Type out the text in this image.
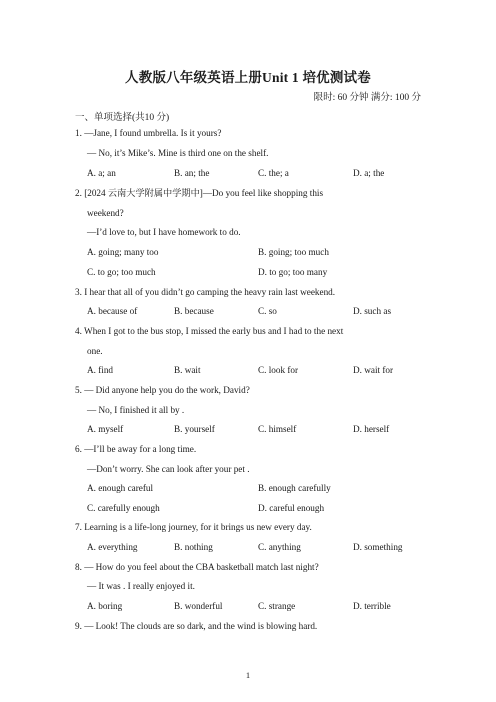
人教版八年级英语上册Unit 1 培优测试卷
限时: 60 分钟 满分: 100 分
一、单项选择(共10 分)
1. —Jane, I found umbrella. Is it yours?
— No, it’s Mike’s. Mine is third one on the shelf.
A. a; an	B. an; the	C. the; a	D. a; the
2. [2024 云南大学附属中学期中]—Do you feel like shopping this
weekend?
—I’d love to, but I have homework to do.
A. going; many too	B. going; too much
C. to go; too much	D. to go; too many
3. I hear that all of you didn’t go camping the heavy rain last weekend.
A. because of	B. because	C. so	D. such as
4. When I got to the bus stop, I missed the early bus and I had to the next
one.
A. find	B. wait	C. look for	D. wait for
5. — Did anyone help you do the work, David?
— No, I finished it all by .
A. myself	B. yourself	C. himself	D. herself
6. —I’ll be away for a long time.
—Don’t worry. She can look after your pet .
A. enough careful	B. enough carefully
C. carefully enough	D. careful enough
7. Learning is a life-long journey, for it brings us new every day.
A. everything	B. nothing	C. anything	D. something
8. — How do you feel about the CBA basketball match last night?
— It was . I really enjoyed it.
A. boring	B. wonderful	C. strange	D. terrible
9. — Look! The clouds are so dark, and the wind is blowing hard.
1
